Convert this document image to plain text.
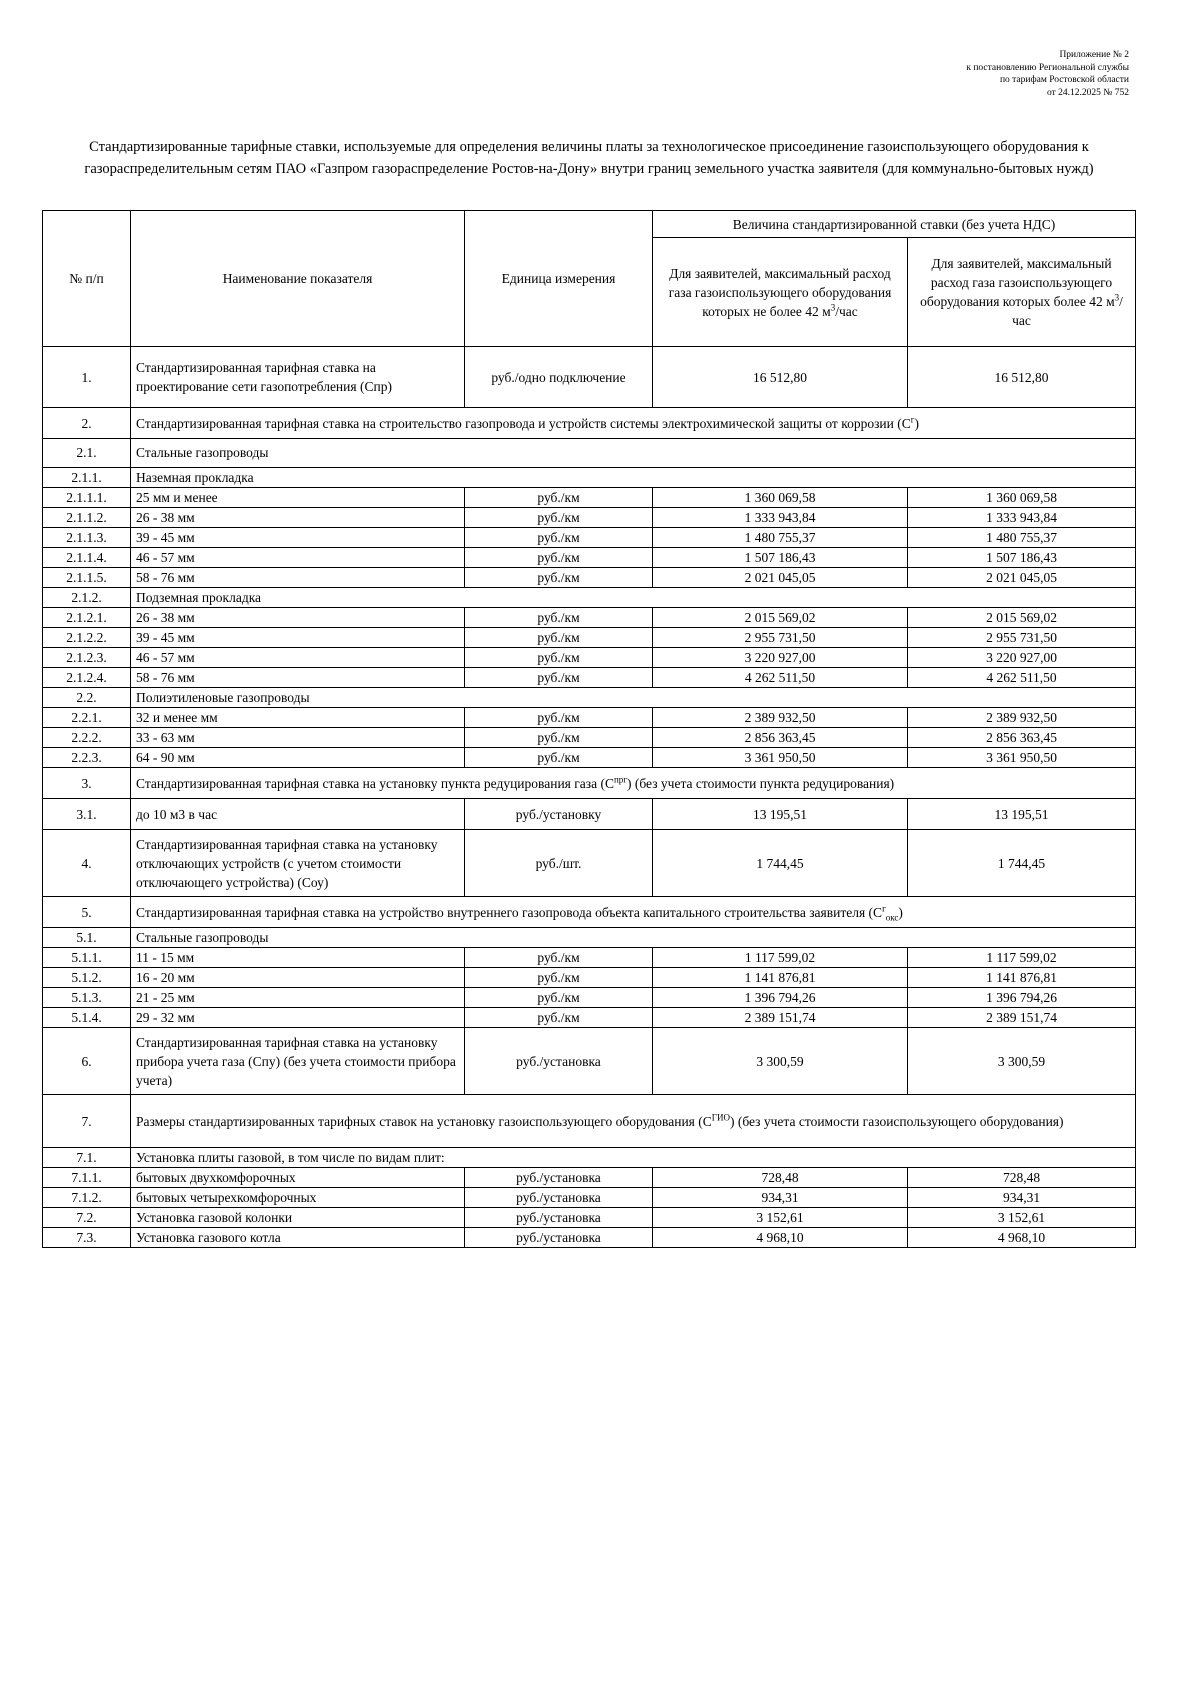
Приложение № 2
к постановлению Региональной службы
по тарифам Ростовской области
от 24.12.2025 № 752
Стандартизированные тарифные ставки, используемые для определения величины платы за технологическое присоединение газоиспользующего оборудования к
газораспределительным сетям ПАО «Газпром газораспределение Ростов-на-Дону» внутри границ земельного участка заявителя (для коммунально-бытовых нужд)
№ п/п	Наименование показателя	Единица измерения	Величина стандартизированной ставки (без учета НДС)	
			Для заявителей, максимальный расход газа газоиспользующего оборудования которых не более 42 $м^3$/час	Для заявителей, максимальный расход газа газоиспользующего оборудования которых более 42 $м^3$/час
1.	Стандартизированная тарифная ставка на проектирование сети газопотребления (Спр)	руб./одно подключение	16 512,80	16 512,80
2.	Стандартизированная тарифная ставка на строительство газопровода и устройств системы электрохимической защиты от коррозии $(С^г)$			
2.1.	Стальные газопроводы			
2.1.1.	Наземная прокладка			
2.1.1.1.	25 мм и менее	руб./км	1 360 069,58	1 360 069,58
2.1.1.2.	26 - 38 мм	руб./км	1 333 943,84	1 333 943,84
2.1.1.3.	39 - 45 мм	руб./км	1 480 755,37	1 480 755,37
2.1.1.4.	46 - 57 мм	руб./км	1 507 186,43	1 507 186,43
2.1.1.5.	58 - 76 мм	руб./км	2 021 045,05	2 021 045,05
2.1.2.	Подземная прокладка			
2.1.2.1.	26 - 38 мм	руб./км	2 015 569,02	2 015 569,02
2.1.2.2.	39 - 45 мм	руб./км	2 955 731,50	2 955 731,50
2.1.2.3.	46 - 57 мм	руб./км	3 220 927,00	3 220 927,00
2.1.2.4.	58 - 76 мм	руб./км	4 262 511,50	4 262 511,50
2.2.	Полиэтиленовые газопроводы			
2.2.1.	32 и менее мм	руб./км	2 389 932,50	2 389 932,50
2.2.2.	33 - 63 мм	руб./км	2 856 363,45	2 856 363,45
2.2.3.	64 - 90 мм	руб./км	3 361 950,50	3 361 950,50
3.	Стандартизированная тарифная ставка на установку пункта редуцирования газа $(С^{прг})$ (без учета стоимости пункта редуцирования)			
3.1.	до 10 м3 в час	руб./установку	13 195,51	13 195,51
4.	Стандартизированная тарифная ставка на установку отключающих устройств (с учетом стоимости отключающего устройства) (Соу)	руб./шт.	1 744,45	1 744,45
5.	Стандартизированная тарифная ставка на устройство внутреннего газопровода объекта капитального строительства заявителя $(С^г_{окс})$			
5.1.	Стальные газопроводы			
5.1.1.	11 - 15 мм	руб./км	1 117 599,02	1 117 599,02
5.1.2.	16 - 20 мм	руб./км	1 141 876,81	1 141 876,81
5.1.3.	21 - 25 мм	руб./км	1 396 794,26	1 396 794,26
5.1.4.	29 - 32 мм	руб./км	2 389 151,74	2 389 151,74
6.	Стандартизированная тарифная ставка на установку прибора учета газа (Спу) (без учета стоимости прибора учета)	руб./установка	3 300,59	3 300,59
7.	Размеры стандартизированных тарифных ставок на установку газоиспользующего оборудования $(С^{ГИО})$ (без учета стоимости газоиспользующего оборудования)			
7.1.	Установка плиты газовой, в том числе по видам плит:			
7.1.1.	бытовых двухкомфорочных	руб./установка	728,48	728,48
7.1.2.	бытовых четырехкомфорочных	руб./установка	934,31	934,31
7.2.	Установка газовой колонки	руб./установка	3 152,61	3 152,61
7.3.	Установка газового котла	руб./установка	4 968,10	4 968,10
